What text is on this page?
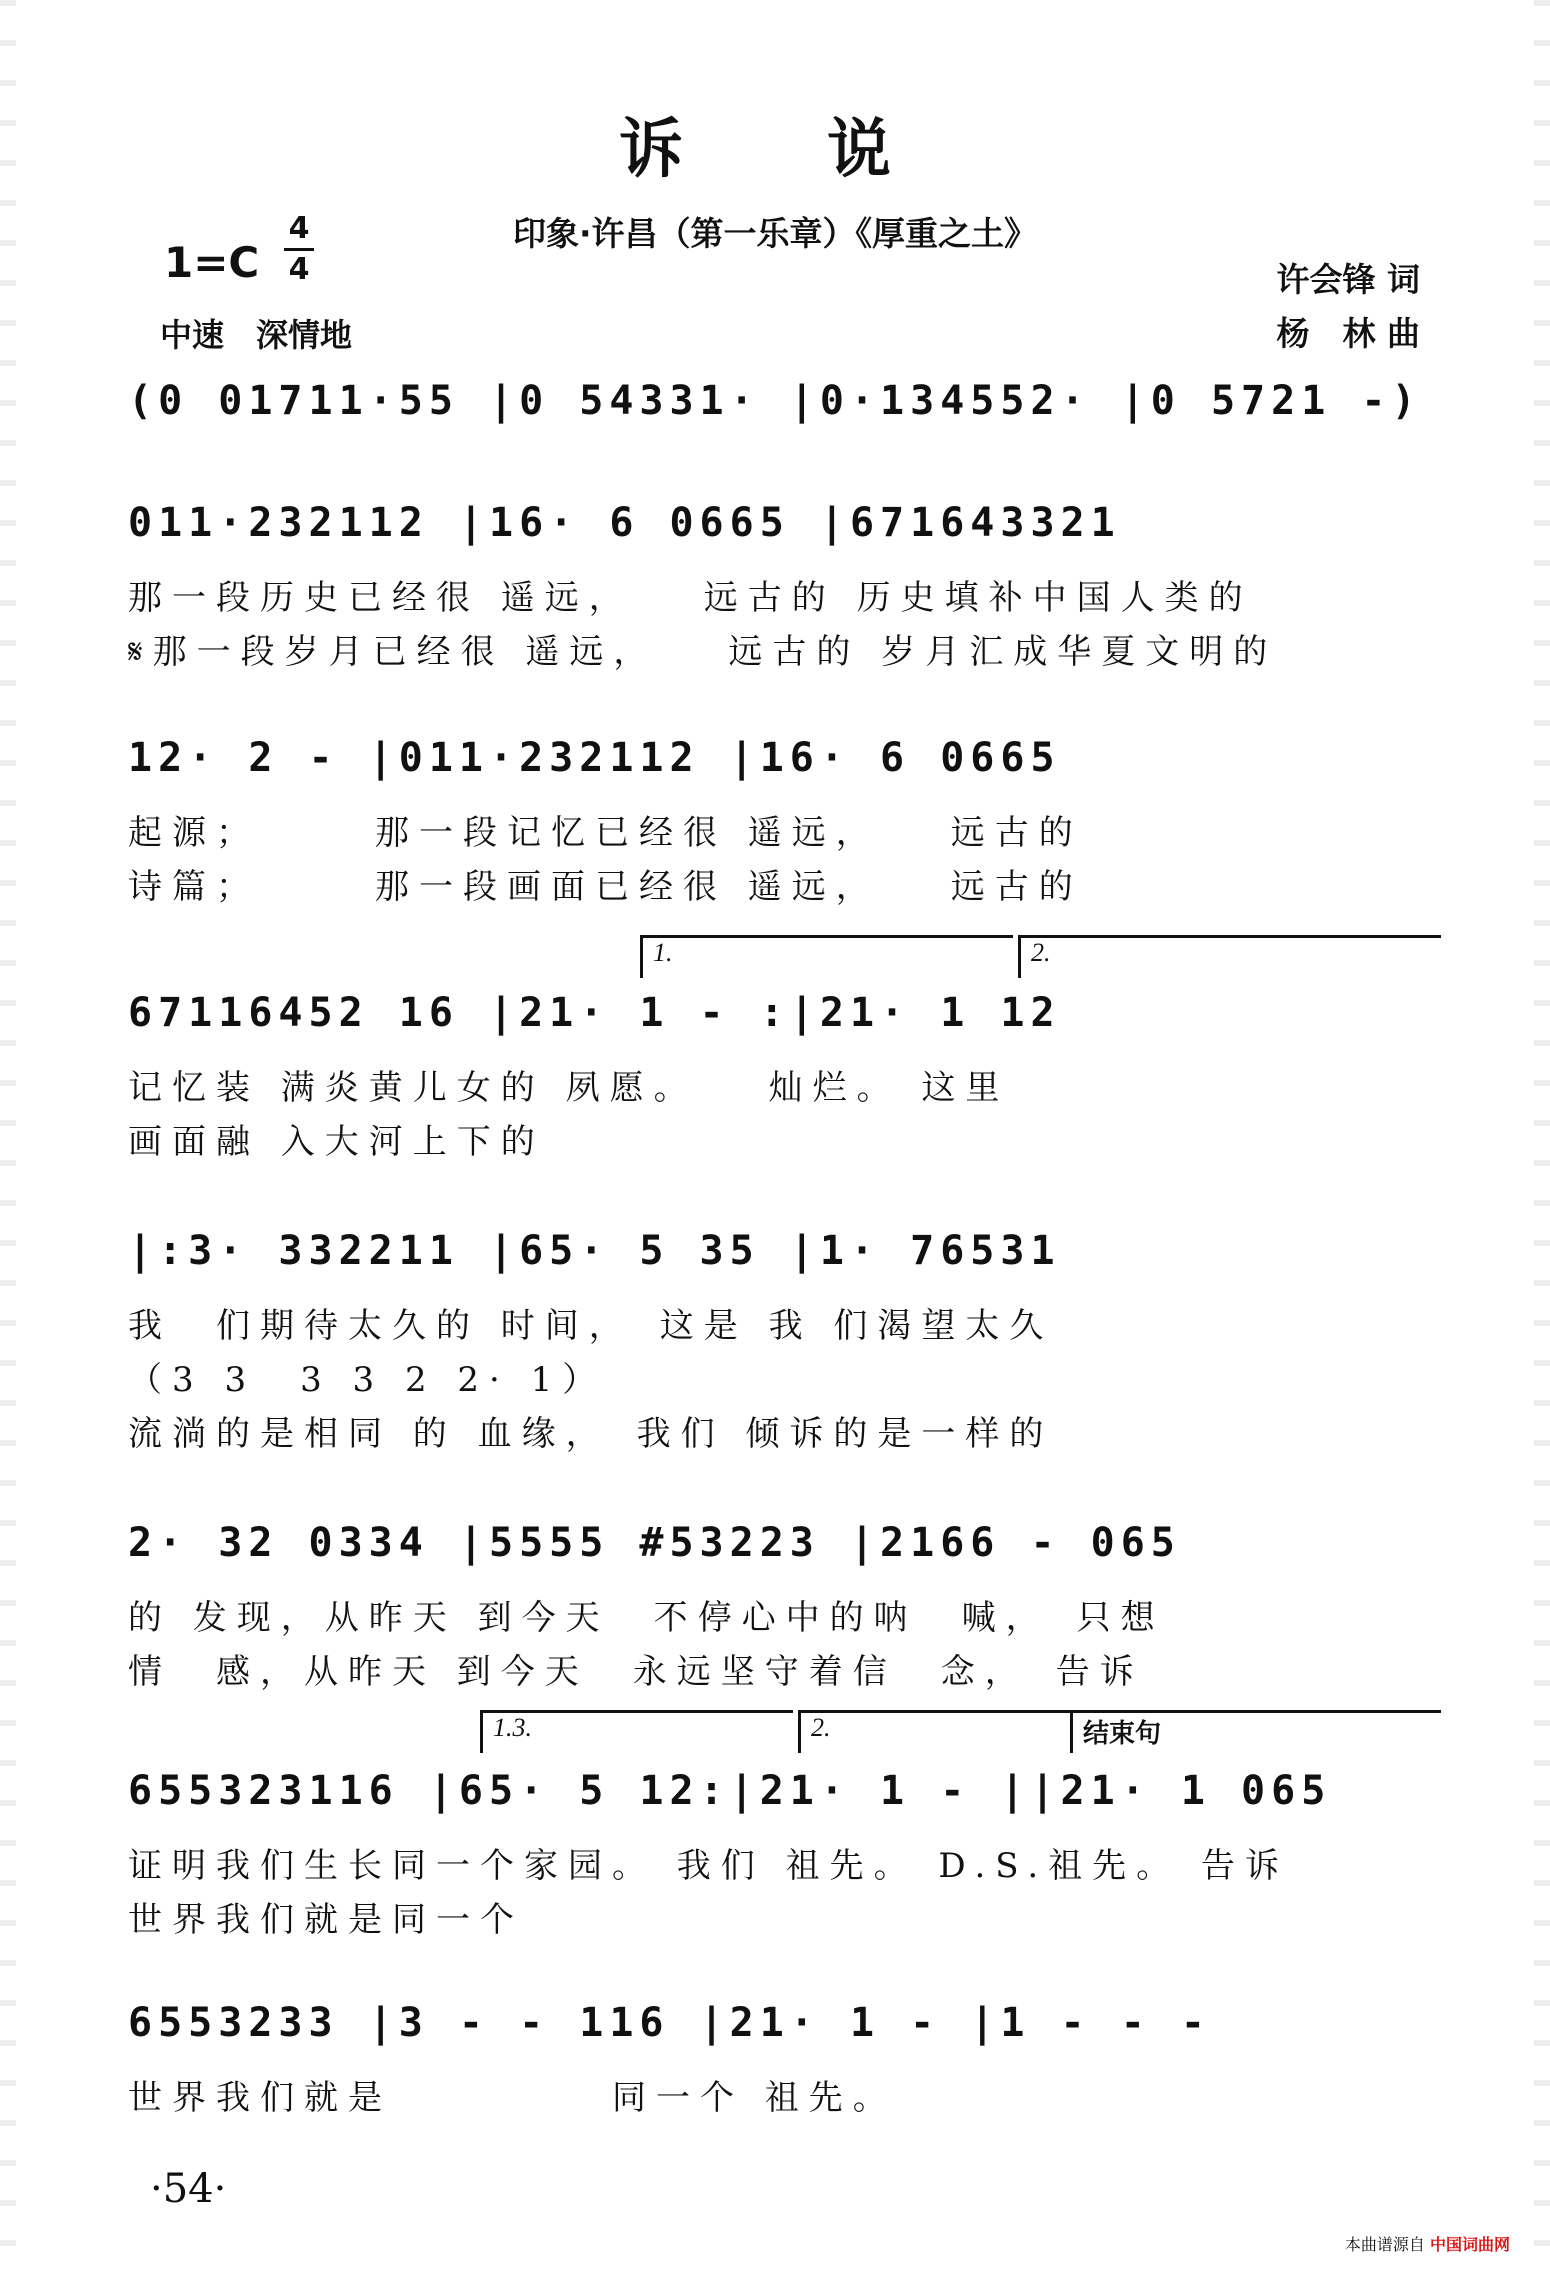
诉　说
印象·许昌（第一乐章）《厚重之土》
1=C
4
4
中速　深情地
许会锋 词
杨　林 曲
(0 01711·55 |0 54331· |0·134552· |0 5721 -)
011·232112 |16· 6 0665 |671643321
那一段历史已经很 遥远，　　远古的 历史填补中国人类的
𝄋那一段岁月已经很 遥远，　　远古的 岁月汇成华夏文明的
12· 2 - |011·232112 |16· 6 0665
起源；　　　那一段记忆已经很 遥远，　　远古的
诗篇；　　　那一段画面已经很 遥远，　　远古的
1.	2.
67116452 16 |21· 1 - :|21· 1 12
记忆装 满炎黄儿女的 夙愿。　　灿烂。 这里
画面融 入大河上下的
|:3· 332211 |65· 5 35 |1· 76531
我　们期待太久的 时间，　这是 我 们渴望太久
（3 3　3 3 2 2· 1）
流淌的是相同 的 血缘，　我们 倾诉的是一样的
2· 32 0334 |5555 #53223 |2166 - 065
的 发现，从昨天 到今天　不停心中的呐　喊，　只想
情　感，从昨天 到今天　永远坚守着信　念，　告诉
1.3.	2.	结束句
655323116 |65· 5 12:|21· 1 - ||21· 1 065
证明我们生长同一个家园。 我们 祖先。 D.S.祖先。 告诉
世界我们就是同一个
6553233 |3 - - 116 |21· 1 - |1 - - -
世界我们就是　　　　　同一个 祖先。
·54·
本曲谱源自 中国词曲网
